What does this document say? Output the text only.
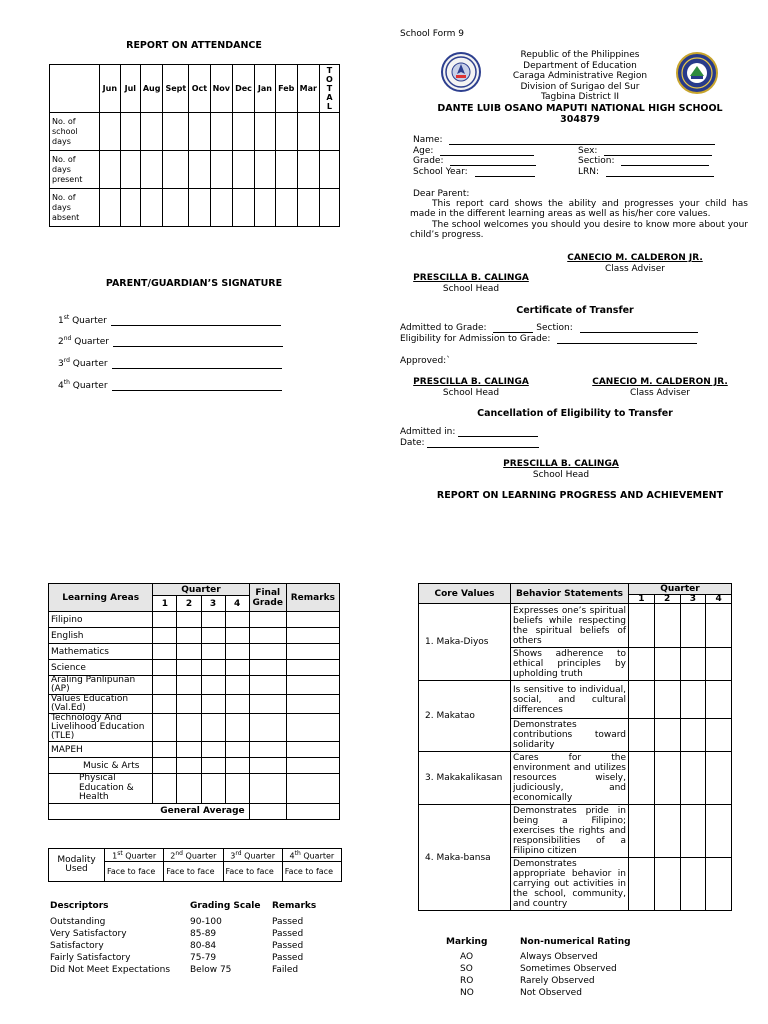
REPORT ON ATTENDANCE
	Jun	Jul	Aug	Sept	Oct	Nov	Dec	Jan	Feb	Mar	TOTAL
No. of school days											
No. of days present											
No. of days absent											
PARENT/GUARDIAN’S SIGNATURE
1st Quarter
2nd Quarter
3rd Quarter
4th Quarter
School Form 9
Republic of the Philippines
Department of Education
Caraga Administrative Region
Division of Surigao del Sur
Tagbina District II
DANTE LUIB OSANO MAPUTI NATIONAL HIGH SCHOOL
304879
Name:
Age:	Sex:
Grade:	Section:
School Year:	LRN:
Dear Parent:
This report card shows the ability and progresses your child has made in the different learning areas as well as his/her core values.
The school welcomes you should you desire to know more about your child’s progress.
CANECIO M. CALDERON JR.
Class Adviser
PRESCILLA B. CALINGA
School Head
Certificate of Transfer
Admitted to Grade:	Section:
Eligibility for Admission to Grade:
Approved:`
PRESCILLA B. CALINGA
School Head
CANECIO M. CALDERON JR.
Class Adviser
Cancellation of Eligibility to Transfer
Admitted in:
Date:
PRESCILLA B. CALINGA
School Head
REPORT ON LEARNING PROGRESS AND ACHIEVEMENT
Learning Areas	Quarter				Final Grade	Remarks
	1	2	3	4		
Filipino						
English						
Mathematics						
Science						
Araling Panlipunan (AP)						
Values Education (Val.Ed)						
Technology And Livelihood Education (TLE)						
MAPEH						
Music & Arts						
Physical Education & Health						
General Average						
Modality Used	1st Quarter	2nd Quarter	3rd Quarter	4th Quarter
	Face to face	Face to face	Face to face	Face to face
Descriptors	Grading Scale	Remarks
Outstanding	90-100	Passed
Very Satisfactory	85-89	Passed
Satisfactory	80-84	Passed
Fairly Satisfactory	75-79	Passed
Did Not Meet Expectations	Below 75	Failed
Core Values	Behavior Statements	Quarter			
		1	2	3	4
1. Maka-Diyos	Expresses one’s spiritual beliefs while respecting the spiritual beliefs of others				
	Shows adherence to ethical principles by upholding truth				
2. Makatao	Is sensitive to individual, social, and cultural differences				
	Demonstrates contributions toward solidarity				
3. Makakalikasan	Cares for the environment and utilizes resources wisely, judiciously, and economically				
4. Maka-bansa	Demonstrates pride in being a Filipino; exercises the rights and responsibilities of a Filipino citizen				
	Demonstrates appropriate behavior in carrying out activities in the school, community, and country				
Marking	Non-numerical Rating
AO	Always Observed
SO	Sometimes Observed
RO	Rarely Observed
NO	Not Observed
